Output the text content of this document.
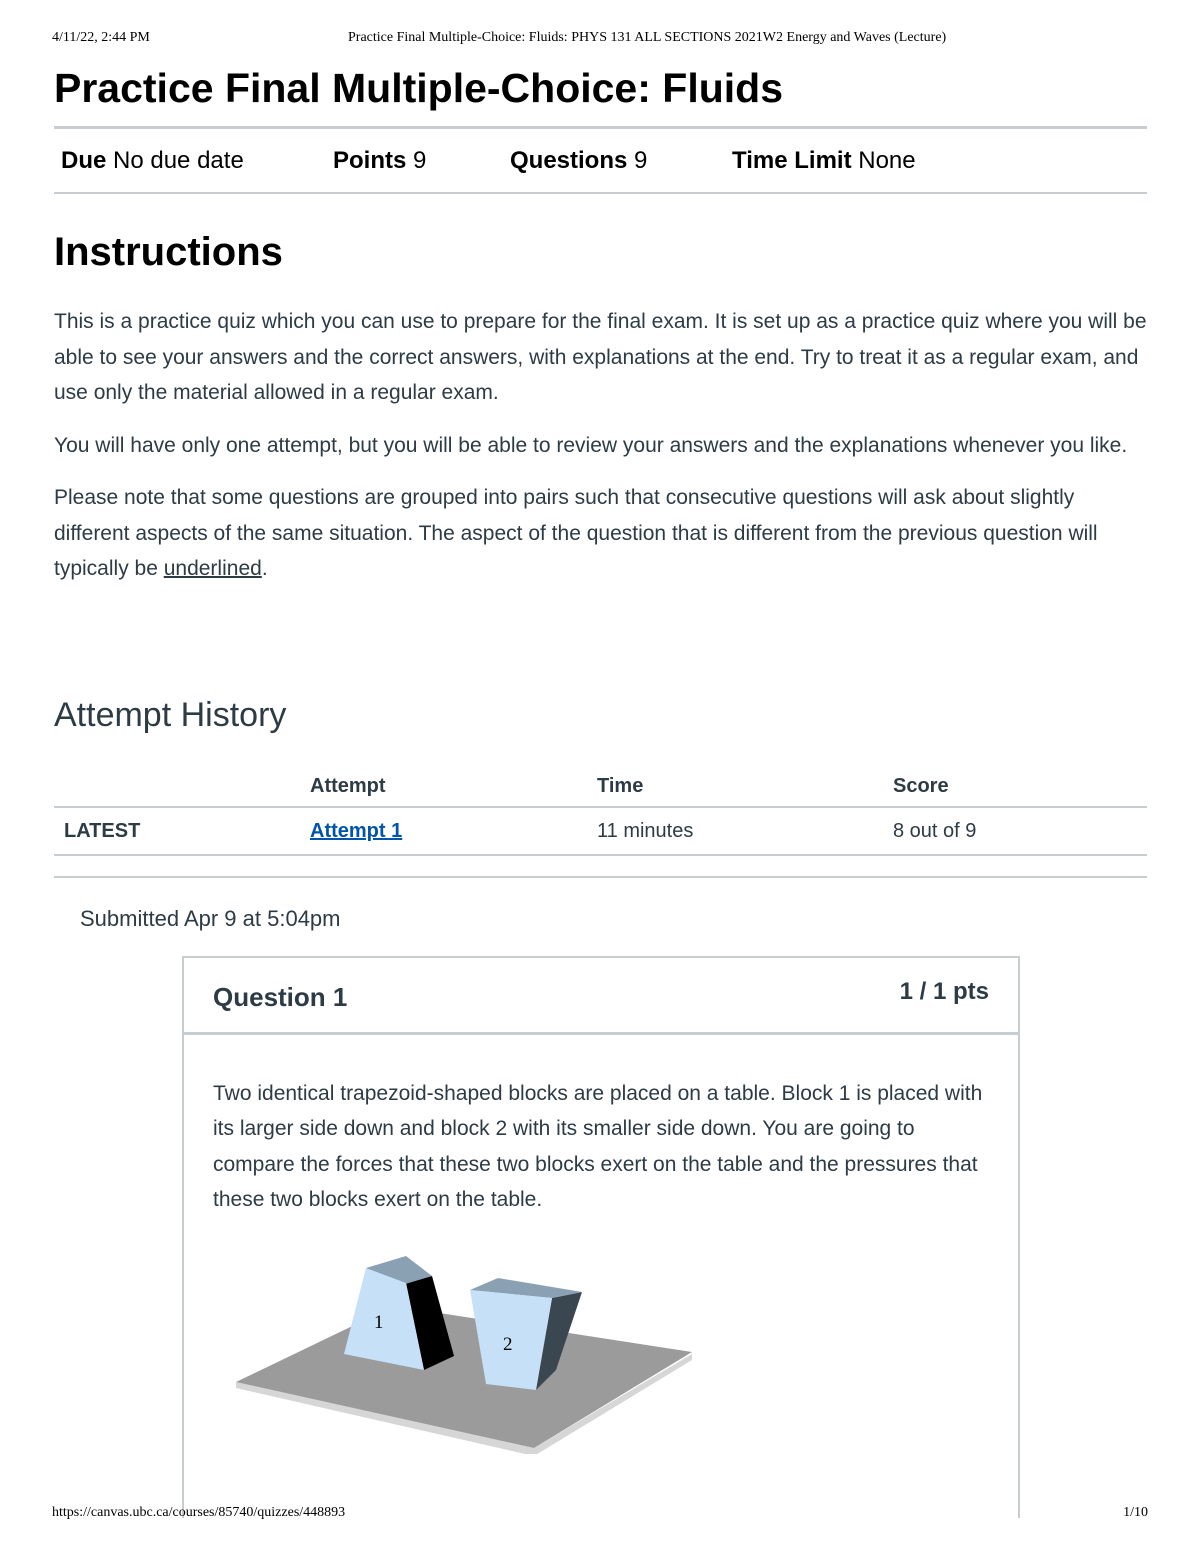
4/11/22, 2:44 PM	Practice Final Multiple-Choice: Fluids: PHYS 131 ALL SECTIONS 2021W2 Energy and Waves (Lecture)
Practice Final Multiple-Choice: Fluids
Due No due date	Points 9	Questions 9	Time Limit None
Instructions

This is a practice quiz which you can use to prepare for the final exam. It is set up as a practice quiz where you will be able to see your answers and the correct answers, with explanations at the end. Try to treat it as a regular exam, and use only the material allowed in a regular exam.

You will have only one attempt, but you will be able to review your answers and the explanations whenever you like.

Please note that some questions are grouped into pairs such that consecutive questions will ask about slightly different aspects of the same situation. The aspect of the question that is different from the previous question will typically be underlined.

Attempt History
	Attempt	Time	Score
LATEST	Attempt 1	11 minutes	8 out of 9
Submitted Apr 9 at 5:04pm
Question 1	1 / 1 pts
Two identical trapezoid-shaped blocks are placed on a table. Block 1 is placed with its larger side down and block 2 with its smaller side down. You are going to compare the forces that these two blocks exert on the table and the pressures that these two blocks exert on the table.
1
2
https://canvas.ubc.ca/courses/85740/quizzes/448893	1/10
